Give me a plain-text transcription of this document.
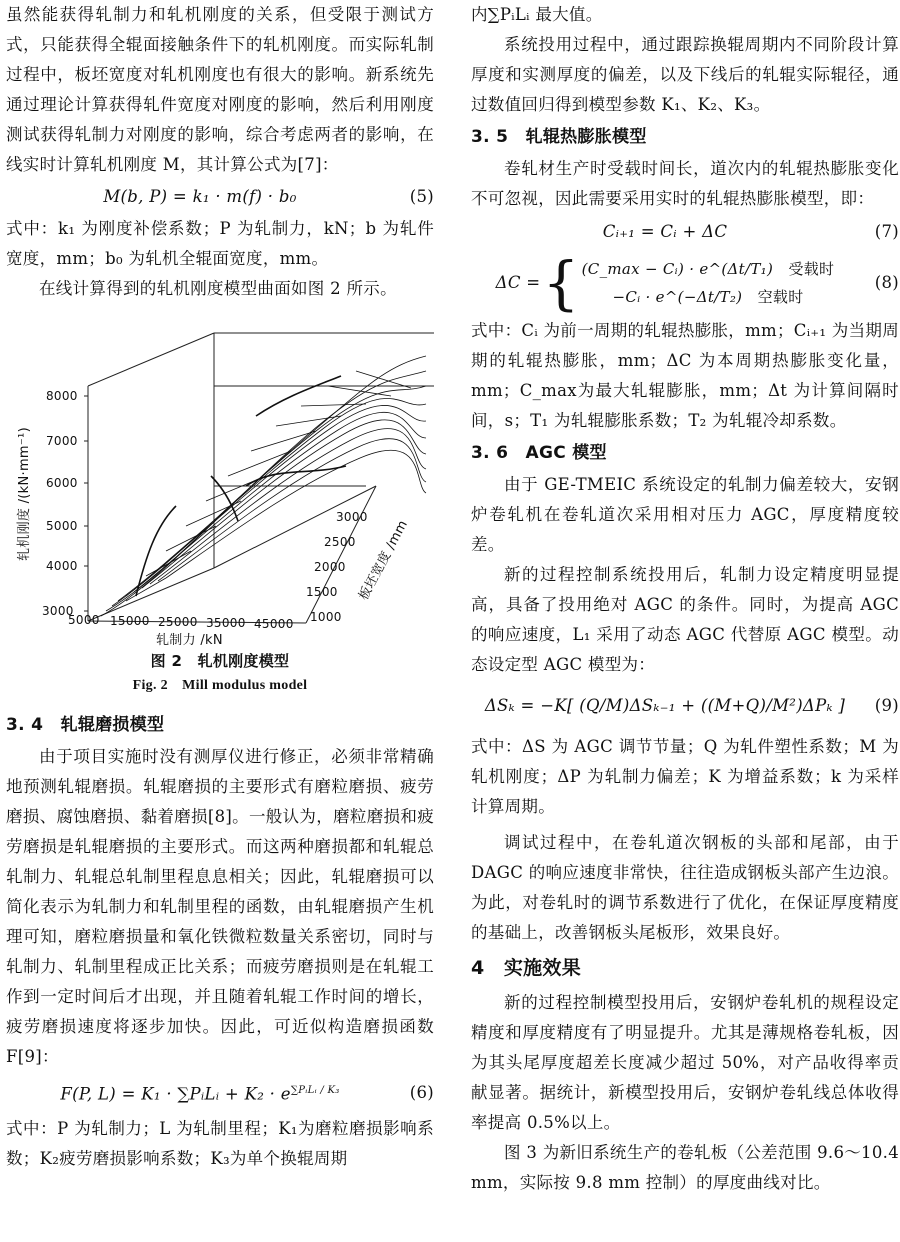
虽然能获得轧制力和轧机刚度的关系，但受限于测试方式，只能获得全辊面接触条件下的轧机刚度。而实际轧制过程中，板坯宽度对轧机刚度也有很大的影响。新系统先通过理论计算获得轧件宽度对刚度的影响，然后利用刚度测试获得轧制力对刚度的影响，综合考虑两者的影响，在线实时计算轧机刚度 M，其计算公式为[7]：

M(b, P) = k₁ · m(f) · b₀	(5)

式中：k₁ 为刚度补偿系数；P 为轧制力，kN；b 为轧件宽度，mm；b₀ 为轧机全辊面宽度，mm。

在线计算得到的轧机刚度模型曲面如图 2 所示。

8000
7000
6000
5000
4000
3000
5000 15000 25000 35000 45000
3000
2500
2000
1500
1000
轧机刚度 /(kN·mm⁻¹)
轧制力 /kN
板坯宽度 /mm
图 2　轧机刚度模型
Fig. 2　Mill modulus model
3. 4　轧辊磨损模型

由于项目实施时没有测厚仪进行修正，必须非常精确地预测轧辊磨损。轧辊磨损的主要形式有磨粒磨损、疲劳磨损、腐蚀磨损、黏着磨损[8]。一般认为，磨粒磨损和疲劳磨损是轧辊磨损的主要形式。而这两种磨损都和轧辊总轧制力、轧辊总轧制里程息息相关；因此，轧辊磨损可以简化表示为轧制力和轧制里程的函数，由轧辊磨损产生机理可知，磨粒磨损量和氧化铁微粒数量关系密切，同时与轧制力、轧制里程成正比关系；而疲劳磨损则是在轧辊工作到一定时间后才出现，并且随着轧辊工作时间的增长，疲劳磨损速度将逐步加快。因此，可近似构造磨损函数 F[9]：

F(P, L) = K₁ · ∑PᵢLᵢ + $K_2 \cdot e^{\sum PᵢLᵢ / K_3}$	(6)

式中：P 为轧制力；L 为轧制里程；K₁为磨粒磨损影响系数；K₂疲劳磨损影响系数；K₃为单个换辊周期

内∑PᵢLᵢ 最大值。

系统投用过程中，通过跟踪换辊周期内不同阶段计算厚度和实测厚度的偏差，以及下线后的轧辊实际辊径，通过数值回归得到模型参数 K₁、K₂、K₃。

3. 5　轧辊热膨胀模型

卷轧材生产时受载时间长，道次内的轧辊热膨胀变化不可忽视，因此需要采用实时的轧辊热膨胀模型，即：

Cᵢ₊₁ = Cᵢ + ΔC	(7)
ΔC = { (C_max − Cᵢ) · e^(Δt/T₁)　 受载时
−Cᵢ · e^(−Δt/T₂)　 空载时
(8)

式中：Cᵢ 为前一周期的轧辊热膨胀，mm；Cᵢ₊₁ 为当期周期的轧辊热膨胀，mm；ΔC 为本周期热膨胀变化量，mm；C_max为最大轧辊膨胀，mm；Δt 为计算间隔时间，s；T₁ 为轧辊膨胀系数；T₂ 为轧辊冷却系数。

3. 6　AGC 模型

由于 GE-TMEIC 系统设定的轧制力偏差较大，安钢炉卷轧机在卷轧道次采用相对压力 AGC，厚度精度较差。

新的过程控制系统投用后，轧制力设定精度明显提高，具备了投用绝对 AGC 的条件。同时，为提高 AGC 的响应速度，L₁ 采用了动态 AGC 代替原 AGC 模型。动态设定型 AGC 模型为：

ΔSₖ = −K[ (Q/M)ΔSₖ₋₁ + ((M+Q)/M²)ΔPₖ ]	(9)

式中：ΔS 为 AGC 调节节量；Q 为轧件塑性系数；M 为轧机刚度；ΔP 为轧制力偏差；K 为增益系数；k 为采样计算周期。

调试过程中，在卷轧道次钢板的头部和尾部，由于 DAGC 的响应速度非常快，往往造成钢板头部产生边浪。为此，对卷轧时的调节系数进行了优化，在保证厚度精度的基础上，改善钢板头尾板形，效果良好。

4　实施效果

新的过程控制模型投用后，安钢炉卷轧机的规程设定精度和厚度精度有了明显提升。尤其是薄规格卷轧板，因为其头尾厚度超差长度减少超过 50%，对产品收得率贡献显著。据统计，新模型投用后，安钢炉卷轧线总体收得率提高 0.5%以上。

图 3 为新旧系统生产的卷轧板（公差范围 9.6～10.4 mm，实际按 9.8 mm 控制）的厚度曲线对比。
